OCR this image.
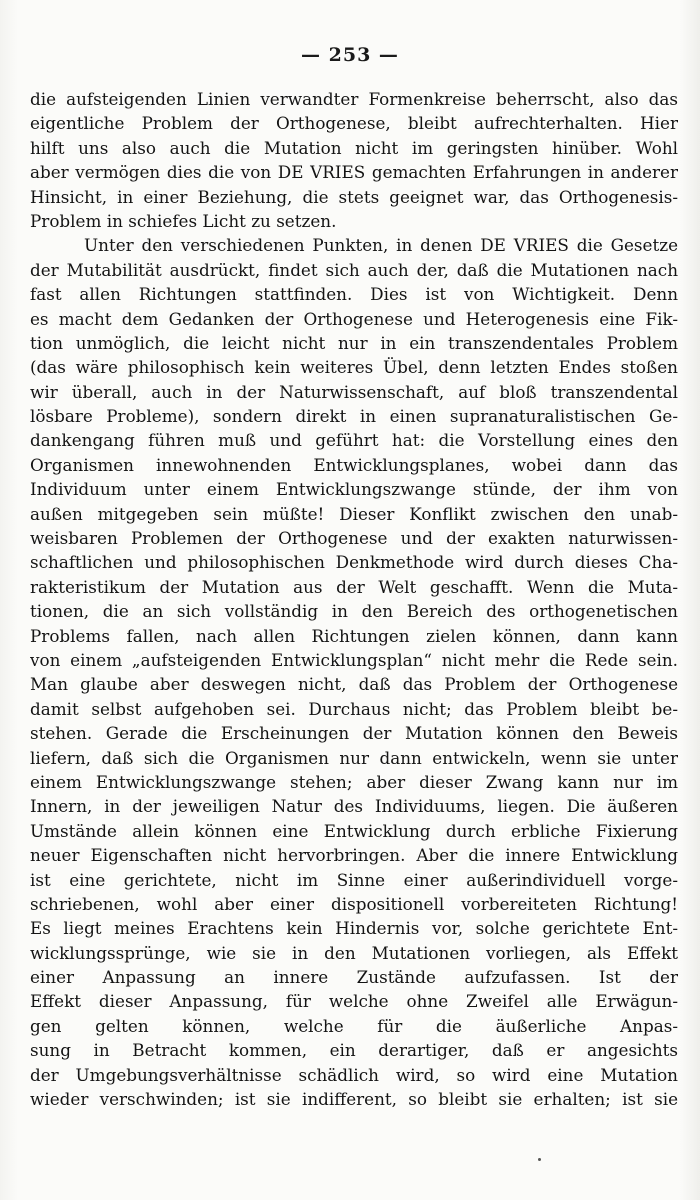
— 253 —
die aufsteigenden Linien verwandter Formenkreise beherrscht, also das
eigentliche Problem der Orthogenese, bleibt aufrechterhalten. Hier
hilft uns also auch die Mutation nicht im geringsten hinüber. Wohl
aber vermögen dies die von DE VRIES gemachten Erfahrungen in anderer
Hinsicht, in einer Beziehung, die stets geeignet war, das Orthogenesis-
Problem in schiefes Licht zu setzen.
Unter den verschiedenen Punkten, in denen DE VRIES die Gesetze
der Mutabilität ausdrückt, findet sich auch der, daß die Mutationen nach
fast allen Richtungen stattfinden. Dies ist von Wichtigkeit. Denn
es macht dem Gedanken der Orthogenese und Heterogenesis eine Fik-
tion unmöglich, die leicht nicht nur in ein transzendentales Problem
(das wäre philosophisch kein weiteres Übel, denn letzten Endes stoßen
wir überall, auch in der Naturwissenschaft, auf bloß transzendental
lösbare Probleme), sondern direkt in einen supranaturalistischen Ge-
dankengang führen muß und geführt hat: die Vorstellung eines den
Organismen innewohnenden Entwicklungsplanes, wobei dann das
Individuum unter einem Entwicklungszwange stünde, der ihm von
außen mitgegeben sein müßte! Dieser Konflikt zwischen den unab-
weisbaren Problemen der Orthogenese und der exakten naturwissen-
schaftlichen und philosophischen Denkmethode wird durch dieses Cha-
rakteristikum der Mutation aus der Welt geschafft. Wenn die Muta-
tionen, die an sich vollständig in den Bereich des orthogenetischen
Problems fallen, nach allen Richtungen zielen können, dann kann
von einem „aufsteigenden Entwicklungsplan“ nicht mehr die Rede sein.
Man glaube aber deswegen nicht, daß das Problem der Orthogenese
damit selbst aufgehoben sei. Durchaus nicht; das Problem bleibt be-
stehen. Gerade die Erscheinungen der Mutation können den Beweis
liefern, daß sich die Organismen nur dann entwickeln, wenn sie unter
einem Entwicklungszwange stehen; aber dieser Zwang kann nur im
Innern, in der jeweiligen Natur des Individuums, liegen. Die äußeren
Umstände allein können eine Entwicklung durch erbliche Fixierung
neuer Eigenschaften nicht hervorbringen. Aber die innere Entwicklung
ist eine gerichtete, nicht im Sinne einer außerindividuell vorge-
schriebenen, wohl aber einer dispositionell vorbereiteten Richtung!
Es liegt meines Erachtens kein Hindernis vor, solche gerichtete Ent-
wicklungssprünge, wie sie in den Mutationen vorliegen, als Effekt
einer Anpassung an innere Zustände aufzufassen. Ist der
Effekt dieser Anpassung, für welche ohne Zweifel alle Erwägun-
gen gelten können, welche für die äußerliche Anpas-
sung in Betracht kommen, ein derartiger, daß er angesichts
der Umgebungsverhältnisse schädlich wird, so wird eine Mutation
wieder verschwinden; ist sie indifferent, so bleibt sie erhalten; ist sie
